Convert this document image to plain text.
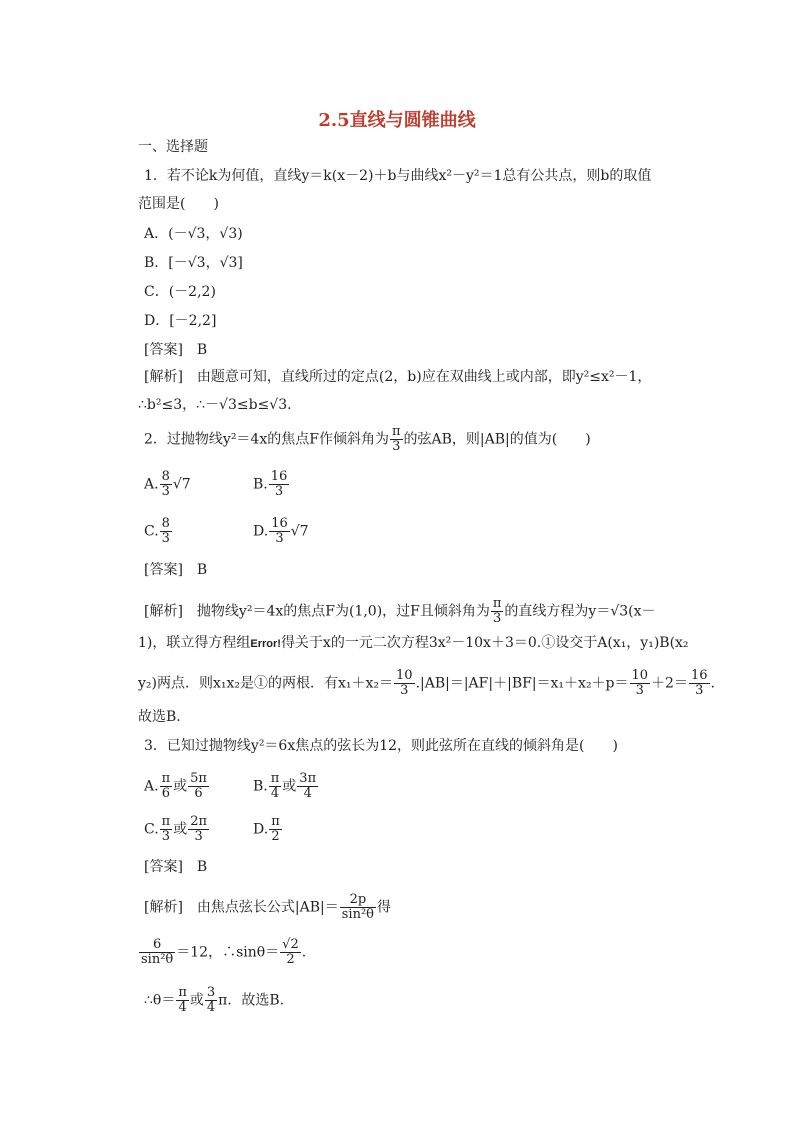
2.5直线与圆锥曲线
一、选择题
1．若不论k为何值，直线y＝k(x－2)＋b与曲线x²－y²＝1总有公共点，则b的取值
范围是(　　)
A．(－√3，√3)
B．[－√3，√3]
C．(－2,2)
D．[－2,2]
[答案]　B
[解析]　由题意可知，直线所过的定点(2，b)应在双曲线上或内部，即y²≤x²－1，
∴b²≤3，∴－√3≤b≤√3.
2．过抛物线y²＝4x的焦点F作倾斜角为 $\frac{\pi}{3}$ 的弦AB，则|AB|的值为(　　)
A. $\frac{8}{3} √7$	B. $\frac{16}{3}$
C. $\frac{8}{3}$	D. $\frac{16}{3} √7$
[答案]　B
[解析]　抛物线y²＝4x的焦点F为(1,0)，过F且倾斜角为 $\frac{\pi}{3}$ 的直线方程为y＝√3(x－
1)，联立得方程组Error!得关于x的一元二次方程3x²－10x＋3＝0.①设交于A(x₁，y₁)B(x₂
y₂)两点．则x₁x₂是①的两根．有$x_1+x_2= \frac{10}{3} .|AB|=|AF|+|BF|=x_1+x_2+p= \frac{10}{3} +2= \frac{16}{3}$ .
故选B.
3．已知过抛物线y²＝6x焦点的弦长为12，则此弦所在直线的倾斜角是(　　)
A. $\frac{\pi}{6}$ 或 $\frac{5\pi}{6}$	B. $\frac{\pi}{4}$ 或 $\frac{3\pi}{4}$
C. $\frac{\pi}{3}$ 或 $\frac{2\pi}{3}$	D. $\frac{\pi}{2}$
[答案]　B
[解析]　由焦点弦长公式$|AB|= \frac{2p}{\text{sin²θ}}$ 得
$\frac{6}{\text{sin²θ}} =12$，∴sinθ＝ $\frac{√2}{2}$ .
∴θ＝ $\frac{\pi}{4}$ 或 $\frac{3}{4}$ π．故选B.
